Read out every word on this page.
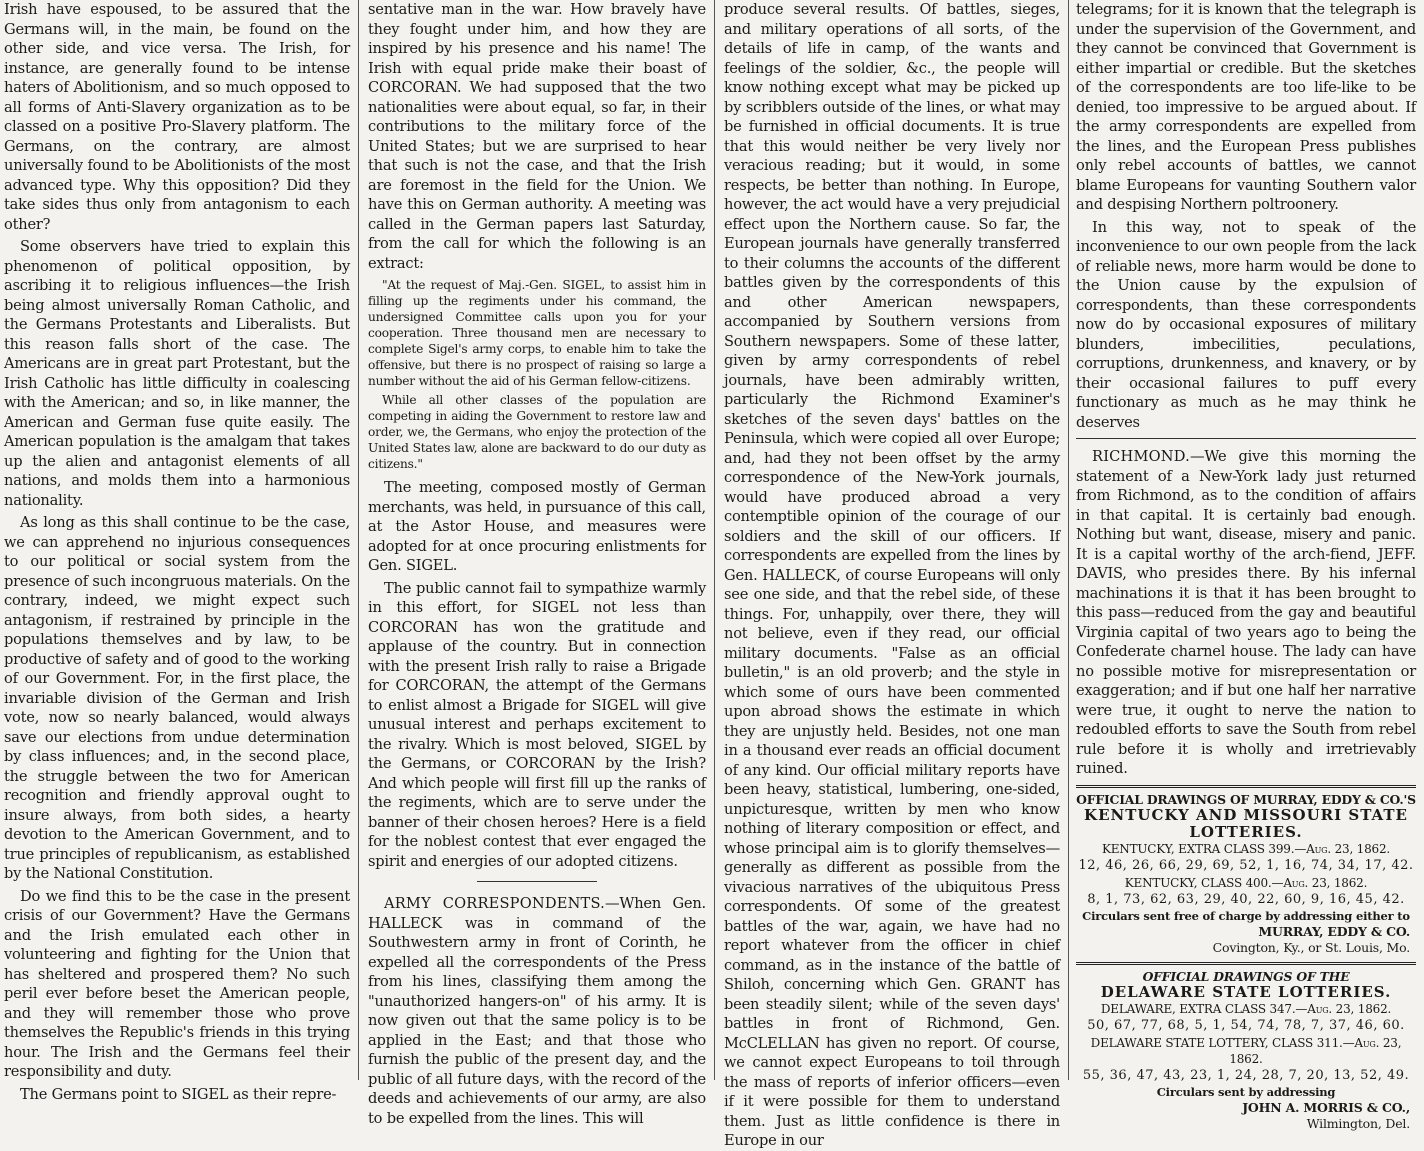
Irish have espoused, to be assured that the Germans will, in the main, be found on the other side, and vice versa. The Irish, for instance, are generally found to be intense haters of Abolitionism, and so much opposed to all forms of Anti-Slavery organization as to be classed on a positive Pro-Slavery platform. The Germans, on the contrary, are almost universally found to be Abolitionists of the most advanced type. Why this opposition? Did they take sides thus only from antagonism to each other?

Some observers have tried to explain this phenomenon of political opposition, by ascribing it to religious influences—the Irish being almost universally Roman Catholic, and the Germans Protestants and Liberalists. But this reason falls short of the case. The Americans are in great part Protestant, but the Irish Catholic has little difficulty in coalescing with the American; and so, in like manner, the American and German fuse quite easily. The American population is the amalgam that takes up the alien and antagonist elements of all nations, and molds them into a harmonious nationality.

As long as this shall continue to be the case, we can apprehend no injurious consequences to our political or social system from the presence of such incongruous materials. On the contrary, indeed, we might expect such antagonism, if restrained by principle in the populations themselves and by law, to be productive of safety and of good to the working of our Government. For, in the first place, the invariable division of the German and Irish vote, now so nearly balanced, would always save our elections from undue determination by class influences; and, in the second place, the struggle between the two for American recognition and friendly approval ought to insure always, from both sides, a hearty devotion to the American Government, and to true principles of republicanism, as established by the National Constitution.

Do we find this to be the case in the present crisis of our Government? Have the Germans and the Irish emulated each other in volunteering and fighting for the Union that has sheltered and prospered them? No such peril ever before beset the American people, and they will remember those who prove themselves the Republic's friends in this trying hour. The Irish and the Germans feel their responsibility and duty.

The Germans point to SIGEL as their repre-

sentative man in the war. How bravely have they fought under him, and how they are inspired by his presence and his name! The Irish with equal pride make their boast of CORCORAN. We had supposed that the two nationalities were about equal, so far, in their contributions to the military force of the United States; but we are surprised to hear that such is not the case, and that the Irish are foremost in the field for the Union. We have this on German authority. A meeting was called in the German papers last Saturday, from the call for which the following is an extract:

"At the request of Maj.-Gen. SIGEL, to assist him in filling up the regiments under his command, the undersigned Committee calls upon you for your cooperation. Three thousand men are necessary to complete Sigel's army corps, to enable him to take the offensive, but there is no prospect of raising so large a number without the aid of his German fellow-citizens.

While all other classes of the population are competing in aiding the Government to restore law and order, we, the Germans, who enjoy the protection of the United States law, alone are backward to do our duty as citizens."

The meeting, composed mostly of German merchants, was held, in pursuance of this call, at the Astor House, and measures were adopted for at once procuring enlistments for Gen. SIGEL.

The public cannot fail to sympathize warmly in this effort, for SIGEL not less than CORCORAN has won the gratitude and applause of the country. But in connection with the present Irish rally to raise a Brigade for CORCORAN, the attempt of the Germans to enlist almost a Brigade for SIGEL will give unusual interest and perhaps excitement to the rivalry. Which is most beloved, SIGEL by the Germans, or CORCORAN by the Irish? And which people will first fill up the ranks of the regiments, which are to serve under the banner of their chosen heroes? Here is a field for the noblest contest that ever engaged the spirit and energies of our adopted citizens.

ARMY CORRESPONDENTS.—When Gen. HALLECK was in command of the Southwestern army in front of Corinth, he expelled all the correspondents of the Press from his lines, classifying them among the "unauthorized hangers-on" of his army. It is now given out that the same policy is to be applied in the East; and that those who furnish the public of the present day, and the public of all future days, with the record of the deeds and achievements of our army, are also to be expelled from the lines. This will

produce several results. Of battles, sieges, and military operations of all sorts, of the details of life in camp, of the wants and feelings of the soldier, &c., the people will know nothing except what may be picked up by scribblers outside of the lines, or what may be furnished in official documents. It is true that this would neither be very lively nor veracious reading; but it would, in some respects, be better than nothing. In Europe, however, the act would have a very prejudicial effect upon the Northern cause. So far, the European journals have generally transferred to their columns the accounts of the different battles given by the correspondents of this and other American newspapers, accompanied by Southern versions from Southern newspapers. Some of these latter, given by army correspondents of rebel journals, have been admirably written, particularly the Richmond Examiner's sketches of the seven days' battles on the Peninsula, which were copied all over Europe; and, had they not been offset by the army correspondence of the New-York journals, would have produced abroad a very contemptible opinion of the courage of our soldiers and the skill of our officers. If correspondents are expelled from the lines by Gen. HALLECK, of course Europeans will only see one side, and that the rebel side, of these things. For, unhappily, over there, they will not believe, even if they read, our official military documents. "False as an official bulletin," is an old proverb; and the style in which some of ours have been commented upon abroad shows the estimate in which they are unjustly held. Besides, not one man in a thousand ever reads an official document of any kind. Our official military reports have been heavy, statistical, lumbering, one-sided, unpicturesque, written by men who know nothing of literary composition or effect, and whose principal aim is to glorify themselves—generally as different as possible from the vivacious narratives of the ubiquitous Press correspondents. Of some of the greatest battles of the war, again, we have had no report whatever from the officer in chief command, as in the instance of the battle of Shiloh, concerning which Gen. GRANT has been steadily silent; while of the seven days' battles in front of Richmond, Gen. McCLELLAN has given no report. Of course, we cannot expect Europeans to toil through the mass of reports of inferior officers—even if it were possible for them to understand them. Just as little confidence is there in Europe in our

telegrams; for it is known that the telegraph is under the supervision of the Government, and they cannot be convinced that Government is either impartial or credible. But the sketches of the correspondents are too life-like to be denied, too impressive to be argued about. If the army correspondents are expelled from the lines, and the European Press publishes only rebel accounts of battles, we cannot blame Europeans for vaunting Southern valor and despising Northern poltroonery.

In this way, not to speak of the inconvenience to our own people from the lack of reliable news, more harm would be done to the Union cause by the expulsion of correspondents, than these correspondents now do by occasional exposures of military blunders, imbecilities, peculations, corruptions, drunkenness, and knavery, or by their occasional failures to puff every functionary as much as he may think he deserves

RICHMOND.—We give this morning the statement of a New-York lady just returned from Richmond, as to the condition of affairs in that capital. It is certainly bad enough. Nothing but want, disease, misery and panic. It is a capital worthy of the arch-fiend, JEFF. DAVIS, who presides there. By his infernal machinations it is that it has been brought to this pass—reduced from the gay and beautiful Virginia capital of two years ago to being the Confederate charnel house. The lady can have no possible motive for misrepresentation or exaggeration; and if but one half her narrative were true, it ought to nerve the nation to redoubled efforts to save the South from rebel rule before it is wholly and irretrievably ruined.

OFFICIAL DRAWINGS OF MURRAY, EDDY & CO.'S
KENTUCKY AND MISSOURI STATE
LOTTERIES.
KENTUCKY, EXTRA CLASS 399.—Aug. 23, 1862.
12, 46, 26, 66, 29, 69, 52, 1, 16, 74, 34, 17, 42.
KENTUCKY, CLASS 400.—Aug. 23, 1862.
8, 1, 73, 62, 63, 29, 40, 22, 60, 9, 16, 45, 42.
Circulars sent free of charge by addressing either to
MURRAY, EDDY & CO.
Covington, Ky., or St. Louis, Mo.
OFFICIAL DRAWINGS OF THE
DELAWARE STATE LOTTERIES.
DELAWARE, EXTRA CLASS 347.—Aug. 23, 1862.
50, 67, 77, 68, 5, 1, 54, 74, 78, 7, 37, 46, 60.
DELAWARE STATE LOTTERY, CLASS 311.—Aug. 23, 1862.
55, 36, 47, 43, 23, 1, 24, 28, 7, 20, 13, 52, 49.
Circulars sent by addressing
JOHN A. MORRIS & CO.,
Wilmington, Del.
